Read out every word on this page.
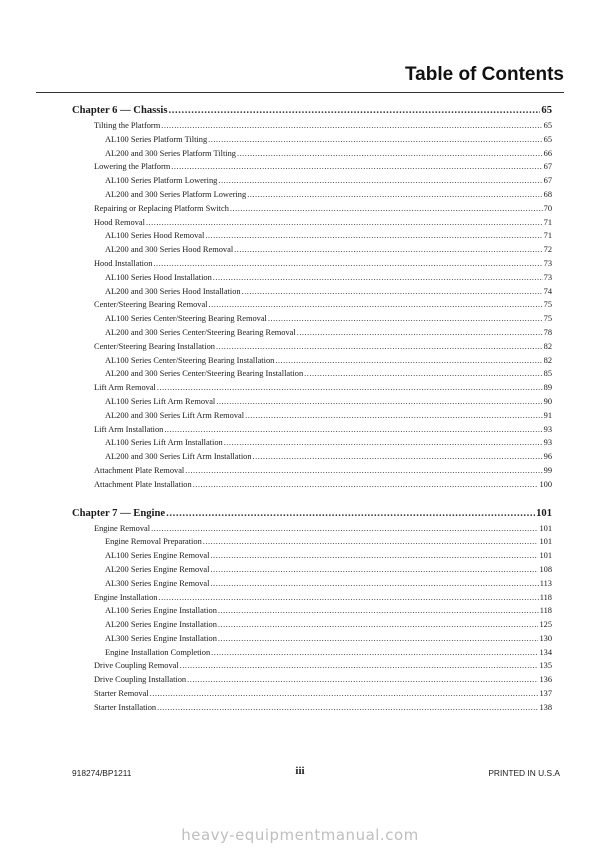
Table of Contents
Chapter 6 — Chassis .....	65
Tilting the Platform .....	65
AL100 Series Platform Tilting .....	65
AL200 and 300 Series Platform Tilting .....	66
Lowering the Platform .....	67
AL100 Series Platform Lowering .....	67
AL200 and 300 Series Platform Lowering .....	68
Repairing or Replacing Platform Switch .....	70
Hood Removal .....	71
AL100 Series Hood Removal .....	71
AL200 and 300 Series Hood Removal .....	72
Hood Installation .....	73
AL100 Series Hood Installation .....	73
AL200 and 300 Series Hood Installation .....	74
Center/Steering Bearing Removal .....	75
AL100 Series Center/Steering Bearing Removal .....	75
AL200 and 300 Series Center/Steering Bearing Removal .....	78
Center/Steering Bearing Installation .....	82
AL100 Series Center/Steering Bearing Installation .....	82
AL200 and 300 Series Center/Steering Bearing Installation .....	85
Lift Arm Removal .....	89
AL100 Series Lift Arm Removal .....	90
AL200 and 300 Series Lift Arm Removal .....	91
Lift Arm Installation .....	93
AL100 Series Lift Arm Installation .....	93
AL200 and 300 Series Lift Arm Installation .....	96
Attachment Plate Removal .....	99
Attachment Plate Installation .....	100
Chapter 7 — Engine .....	101
Engine Removal .....	101
Engine Removal Preparation .....	101
AL100 Series Engine Removal .....	101
AL200 Series Engine Removal .....	108
AL300 Series Engine Removal .....	113
Engine Installation .....	118
AL100 Series Engine Installation .....	118
AL200 Series Engine Installation .....	125
AL300 Series Engine Installation .....	130
Engine Installation Completion .....	134
Drive Coupling Removal .....	135
Drive Coupling Installation .....	136
Starter Removal .....	137
Starter Installation .....	138
918274/BP1211	iii	PRINTED IN U.S.A
heavy-equipmentmanual.com
